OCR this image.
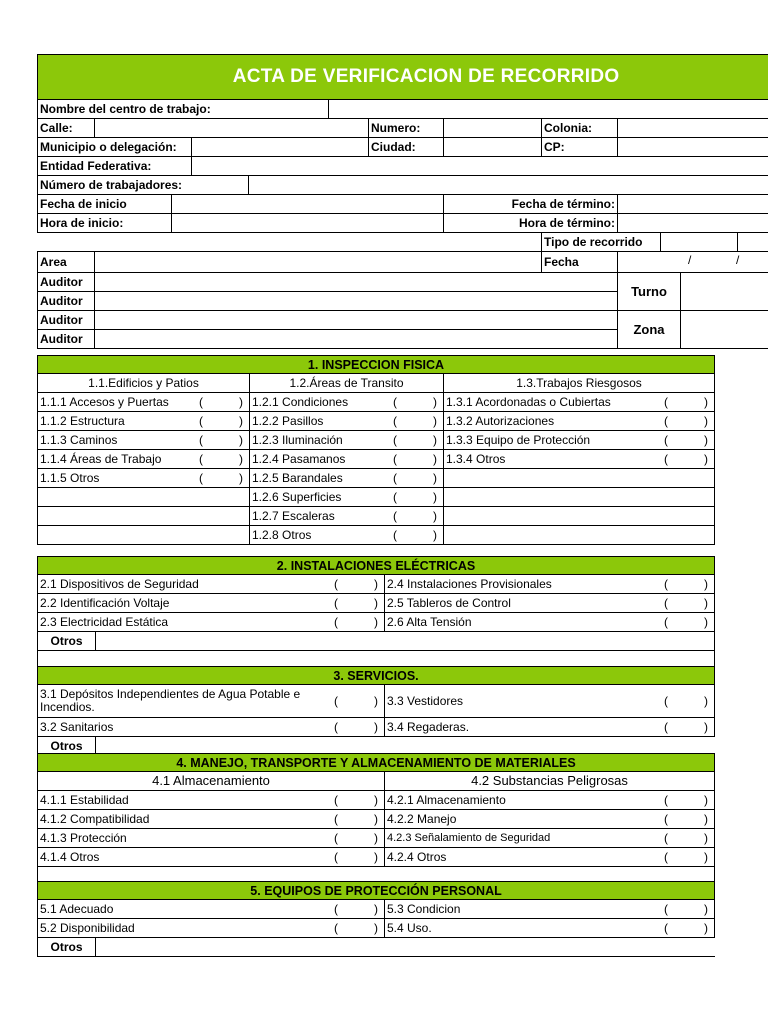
ACTA DE VERIFICACION DE RECORRIDO												
Nombre del centro de trabajo:												
Calle:						Numero:		Colonia:				
Municipio o delegación:						Ciudad:		CP:				
Entidad Federativa:												
Número de trabajadores:												
Fecha de inicio							Fecha de término:					
Hora de inicio:							Hora de término:					
								Tipo de recorrido				
Area								Fecha	/ /			

Auditor									Turno			
Auditor												
Auditor									Zona			
Auditor												
1. INSPECCION FISICA		
1.1.Edificios y Patios	1.2.Áreas de Transito	1.3.Trabajos Riesgosos

1.1.1 Accesos y Puertas ( )	1.2.1 Condiciones ( )	1.3.1 Acordonadas o Cubiertas ( )

1.1.2 Estructura ( )	1.2.2 Pasillos ( )	1.3.2 Autorizaciones ( )

1.1.3 Caminos ( )	1.2.3 Iluminación ( )	1.3.3 Equipo de Protección ( )

1.1.4 Áreas de Trabajo ( )	1.2.4 Pasamanos ( )	1.3.4 Otros ( )

1.1.5 Otros ( )	1.2.5 Barandales ( )	

	1.2.6 Superficies ( )	

	1.2.7 Escaleras ( )	

	1.2.8 Otros ( )	

2. INSTALACIONES ELÉCTRICAS		

2.1 Dispositivos de Seguridad ( )		2.4 Instalaciones Provisionales ( )

2.2 Identificación Voltaje ( )		2.5 Tableros de Control ( )

2.3 Electricidad Estática ( )		2.6 Alta Tensión ( )

Otros		

3. SERVICIOS.		

3.1 Depósitos Independientes de Agua Potable e Incendios. ( )		3.3 Vestidores ( )

3.2 Sanitarios ( )		3.4 Regaderas. ( )

Otros		
4. MANEJO, TRANSPORTE Y ALMACENAMIENTO DE MATERIALES	
4.1 Almacenamiento	4.2 Substancias Peligrosas

4.1.1 Estabilidad ( )	4.2.1 Almacenamiento ( )

4.1.2 Compatibilidad ( )	4.2.2 Manejo ( )

4.1.3 Protección ( )	4.2.3 Señalamiento de Seguridad ( )

4.1.4 Otros ( )	4.2.4 Otros ( )

5. EQUIPOS DE PROTECCIÓN PERSONAL		

5.1 Adecuado ( )		5.3 Condicion ( )

5.2 Disponibilidad ( )		5.4 Uso. ( )

Otros		
